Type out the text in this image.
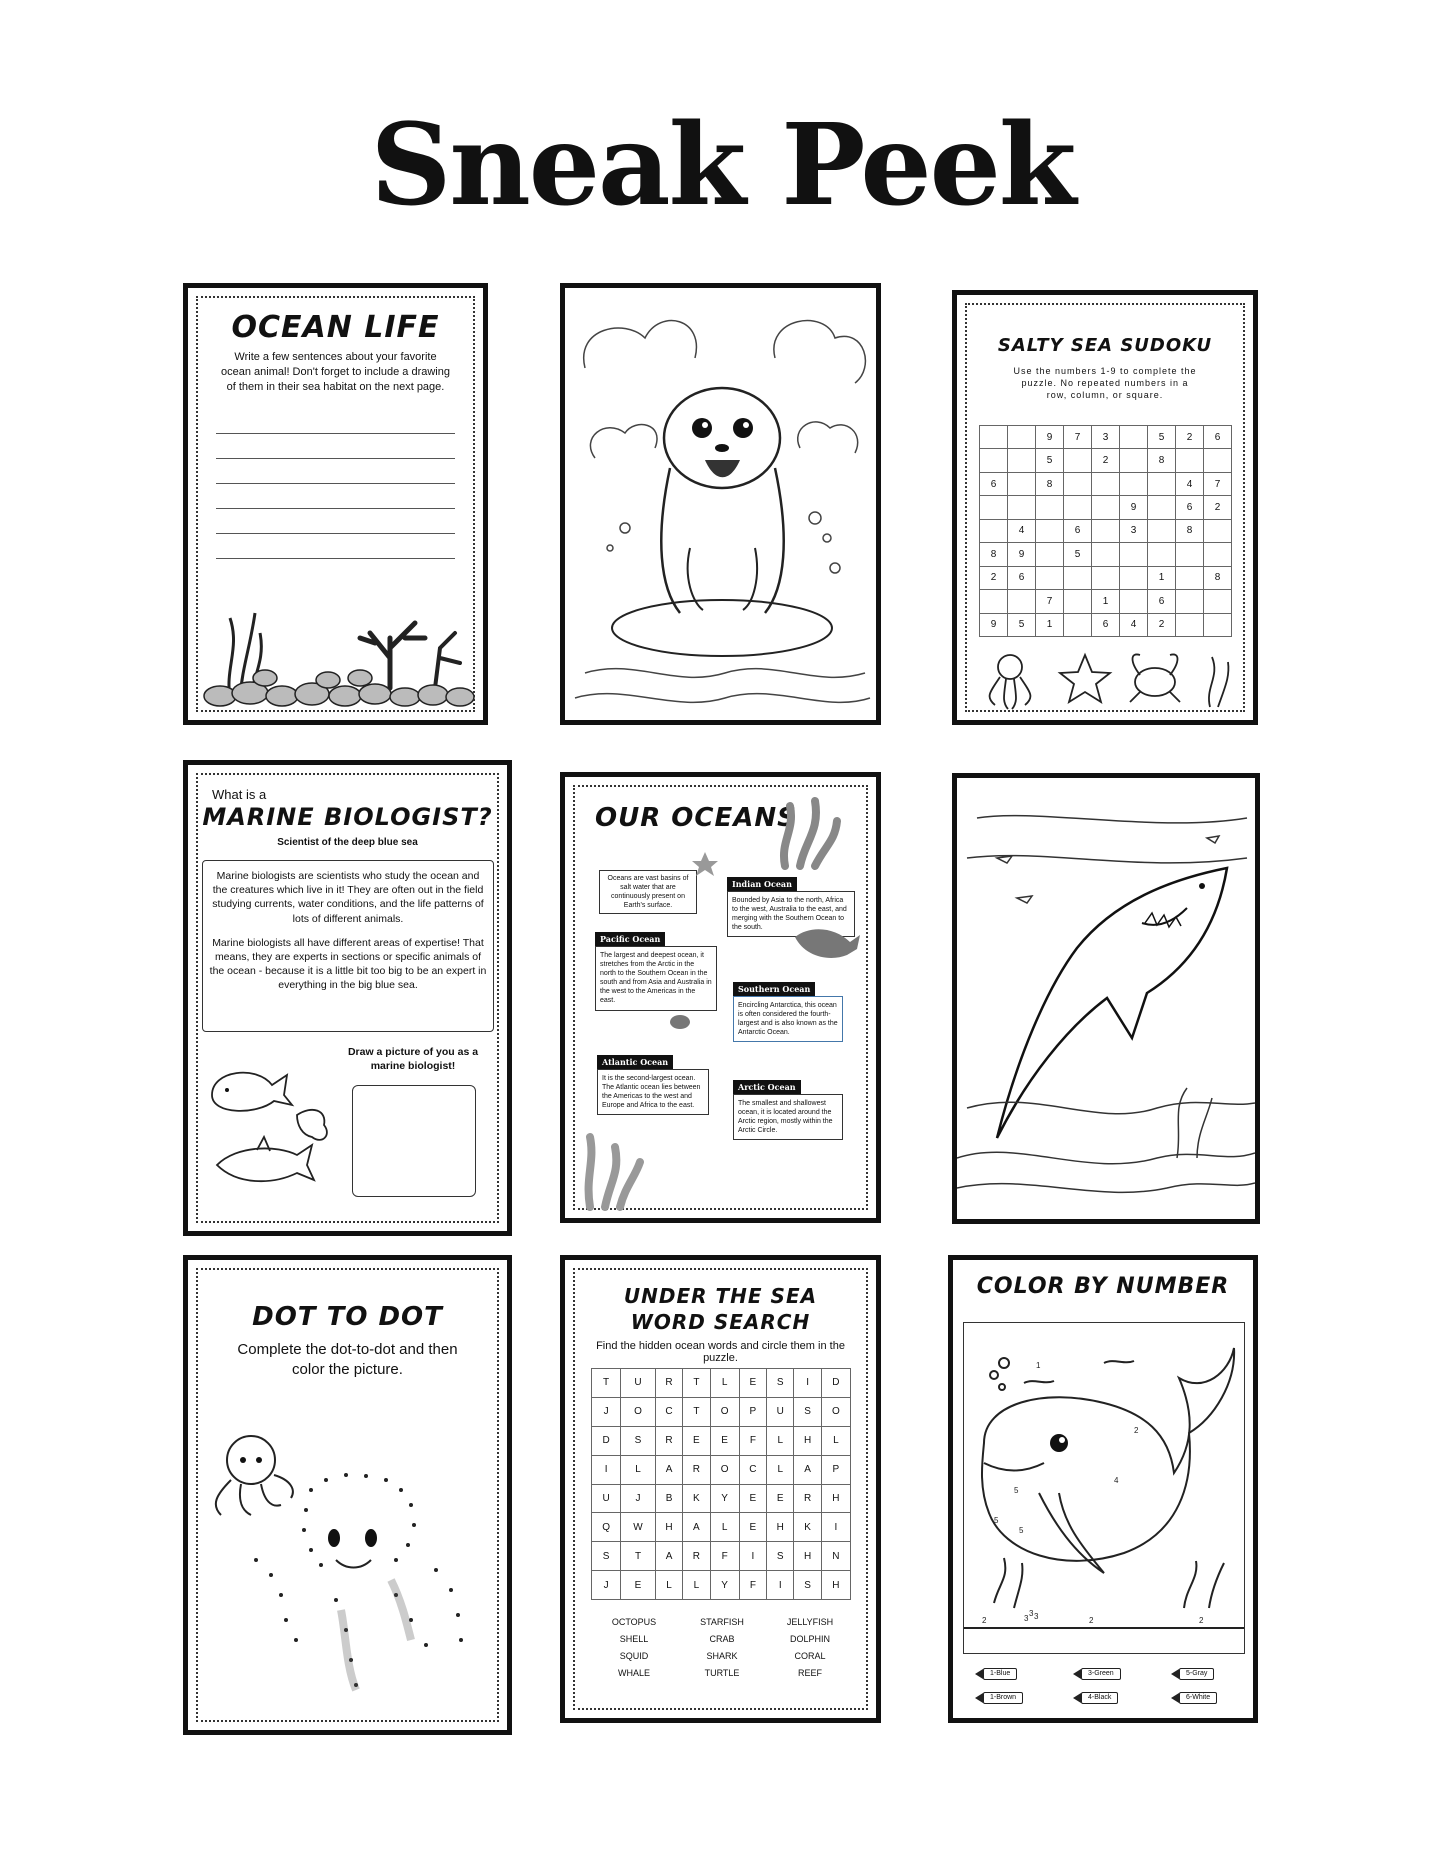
Sneak Peek
OCEAN LIFE
Write a few sentences about your favorite ocean animal! Don't forget to include a drawing of them in their sea habitat on the next page.
SALTY SEA SUDOKU
Use the numbers 1-9 to complete the puzzle. No repeated numbers in a row, column, or square.
		9	7	3		5	2	6
		5		2		8		
6		8					4	7
					9		6	2
	4		6		3		8	
8	9		5					
2	6					1		8
		7		1		6		
9	5	1		6	4	2		
What is a
MARINE BIOLOGIST?
Scientist of the deep blue sea
Marine biologists are scientists who study the ocean and the creatures which live in it! They are often out in the field studying currents, water conditions, and the life patterns of lots of different animals.
Marine biologists all have different areas of expertise! That means, they are experts in sections or specific animals of the ocean - because it is a little bit too big to be an expert in everything in the big blue sea.
Draw a picture of you as a marine biologist!
OUR OCEANS
Oceans are vast basins of salt water that are continuously present on Earth's surface.
Indian Ocean
Bounded by Asia to the north, Africa to the west, Australia to the east, and merging with the Southern Ocean to the south.
Pacific Ocean
The largest and deepest ocean, it stretches from the Arctic in the north to the Southern Ocean in the south and from Asia and Australia in the west to the Americas in the east.
Southern Ocean
Encircling Antarctica, this ocean is often considered the fourth-largest and is also known as the Antarctic Ocean.
Atlantic Ocean
It is the second-largest ocean. The Atlantic ocean lies between the Americas to the west and Europe and Africa to the east.
Arctic Ocean
The smallest and shallowest ocean, it is located around the Arctic region, mostly within the Arctic Circle.
DOT TO DOT
Complete the dot-to-dot and then color the picture.
UNDER THE SEA
WORD SEARCH
Find the hidden ocean words and circle them in the puzzle.
T	U	R	T	L	E	S	I	D
J	O	C	T	O	P	U	S	O
D	S	R	E	E	F	L	H	L
I	L	A	R	O	C	L	A	P
U	J	B	K	Y	E	E	R	H
Q	W	H	A	L	E	H	K	I
S	T	A	R	F	I	S	H	N
J	E	L	L	Y	F	I	S	H
OCTOPUS	STARFISH	JELLYFISH
SHELL	CRAB	DOLPHIN
SQUID	SHARK	CORAL
WHALE	TURTLE	REEF
COLOR BY NUMBER
1
2	3
4
5
2	2
2
5
5
3 3
1-Blue	3-Green	5-Gray
1-Brown	4-Black	6-White
